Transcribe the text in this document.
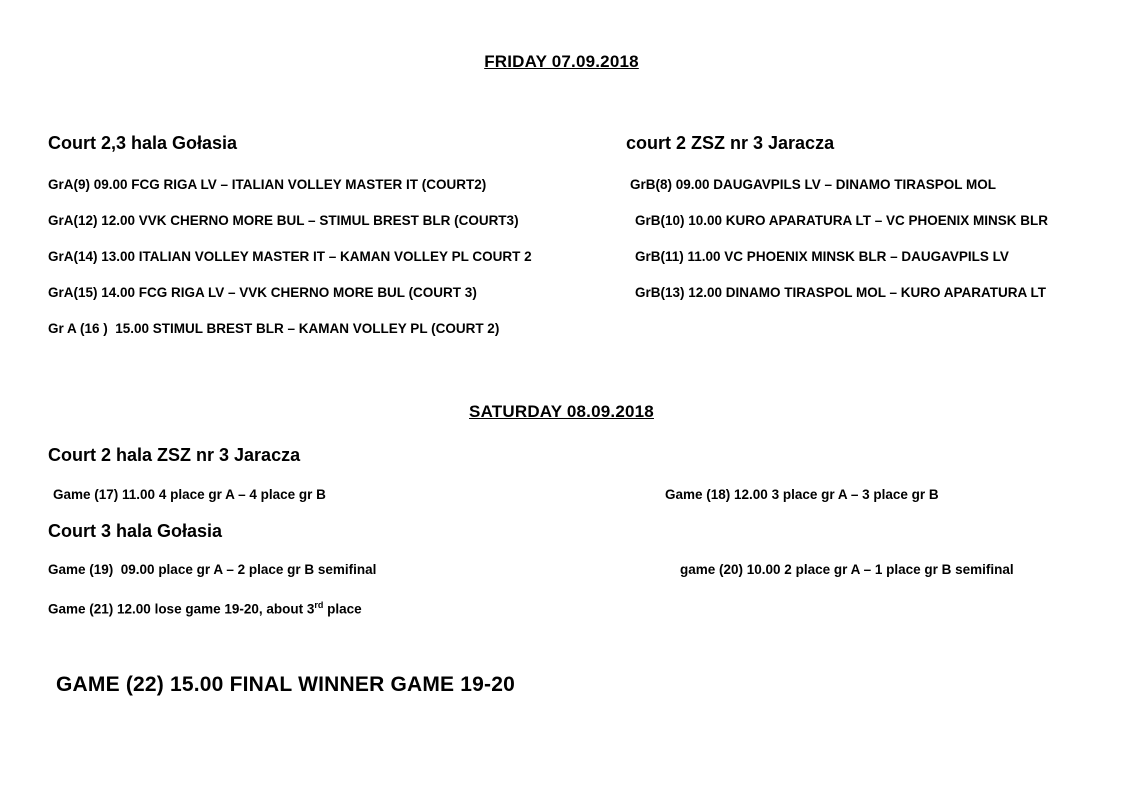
FRIDAY 07.09.2018
Court 2,3 hala Gołasia	court 2 ZSZ nr 3 Jaracza
GrA(9) 09.00 FCG RIGA LV – ITALIAN VOLLEY MASTER IT (COURT2)	GrB(8) 09.00 DAUGAVPILS LV – DINAMO TIRASPOL MOL
GrA(12) 12.00 VVK CHERNO MORE BUL – STIMUL BREST BLR (COURT3)	GrB(10) 10.00 KURO APARATURA LT – VC PHOENIX MINSK BLR
GrA(14) 13.00 ITALIAN VOLLEY MASTER IT – KAMAN VOLLEY PL COURT 2	GrB(11) 11.00 VC PHOENIX MINSK BLR – DAUGAVPILS LV
GrA(15) 14.00 FCG RIGA LV – VVK CHERNO MORE BUL (COURT 3)	GrB(13) 12.00 DINAMO TIRASPOL MOL – KURO APARATURA LT
Gr A (16 )  15.00 STIMUL BREST BLR – KAMAN VOLLEY PL (COURT 2)
SATURDAY 08.09.2018
Court 2 hala ZSZ nr 3 Jaracza
Game (17) 11.00 4 place gr A – 4 place gr B	Game (18) 12.00 3 place gr A – 3 place gr B
Court 3 hala Gołasia
Game (19)  09.00 place gr A – 2 place gr B semifinal	game (20) 10.00 2 place gr A – 1 place gr B semifinal
Game (21) 12.00 lose game 19-20, about 3rd place
GAME (22) 15.00 FINAL WINNER GAME 19-20
